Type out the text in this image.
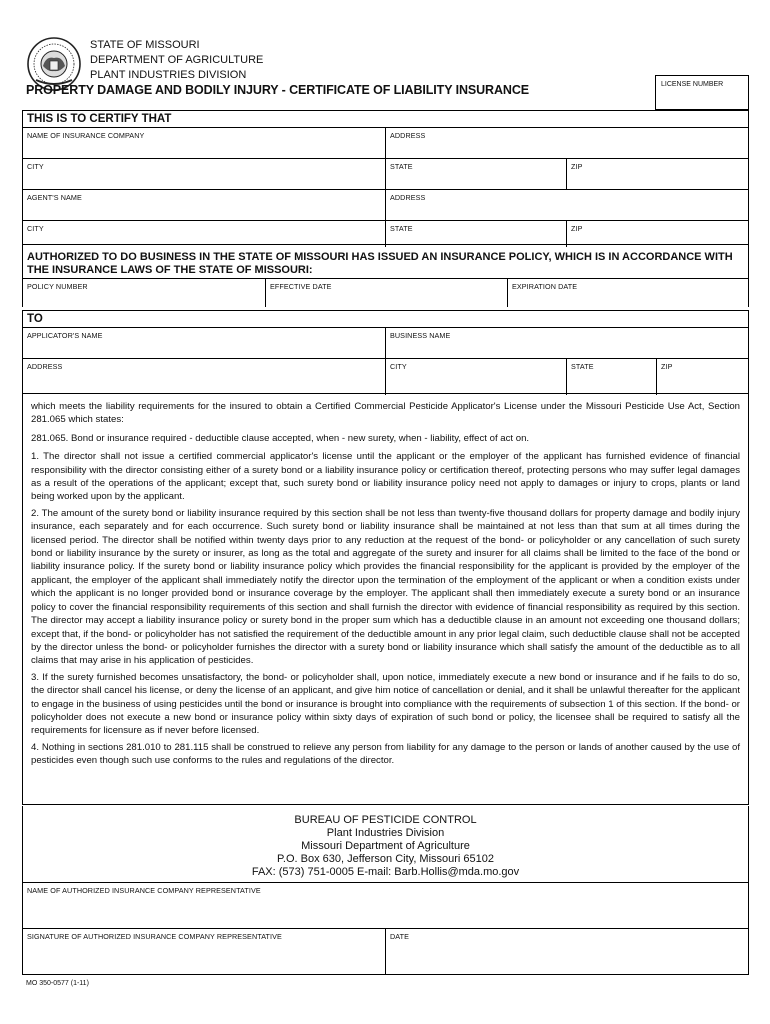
STATE OF MISSOURI
DEPARTMENT OF AGRICULTURE
PLANT INDUSTRIES DIVISION
PROPERTY DAMAGE AND BODILY INJURY - CERTIFICATE OF LIABILITY INSURANCE	LICENSE NUMBER
THIS IS TO CERTIFY THAT
NAME OF INSURANCE COMPANY	ADDRESS
CITY	STATE	ZIP
AGENT'S NAME	ADDRESS
CITY	STATE	ZIP
AUTHORIZED TO DO BUSINESS IN THE STATE OF MISSOURI HAS ISSUED AN INSURANCE POLICY, WHICH IS IN ACCORDANCE WITH THE INSURANCE LAWS OF THE STATE OF MISSOURI:
POLICY NUMBER	EFFECTIVE DATE	EXPIRATION DATE
TO
APPLICATOR'S NAME	BUSINESS NAME
ADDRESS	CITY	STATE	ZIP

which meets the liability requirements for the insured to obtain a Certified Commercial Pesticide Applicator's License under the Missouri Pesticide Use Act, Section 281.065 which states:

281.065. Bond or insurance required - deductible clause accepted, when - new surety, when - liability, effect of act on.

1. The director shall not issue a certified commercial applicator's license until the applicant or the employer of the applicant has furnished evidence of financial responsibility with the director consisting either of a surety bond or a liability insurance policy or certification thereof, protecting persons who may suffer legal damages as a result of the operations of the applicant; except that, such surety bond or liability insurance policy need not apply to damages or injury to crops, plants or land being worked upon by the applicant.

2. The amount of the surety bond or liability insurance required by this section shall be not less than twenty-five thousand dollars for property damage and bodily injury insurance, each separately and for each occurrence. Such surety bond or liability insurance shall be maintained at not less than that sum at all times during the licensed period. The director shall be notified within twenty days prior to any reduction at the request of the bond- or policyholder or any cancellation of such surety bond or liability insurance by the surety or insurer, as long as the total and aggregate of the surety and insurer for all claims shall be limited to the face of the bond or liability insurance policy. If the surety bond or liability insurance policy which provides the financial responsibility for the applicant is provided by the employer of the applicant, the employer of the applicant shall immediately notify the director upon the termination of the employment of the applicant or when a condition exists under which the applicant is no longer provided bond or insurance coverage by the employer. The applicant shall then immediately execute a surety bond or an insurance policy to cover the financial responsibility requirements of this section and shall furnish the director with evidence of financial responsibility as required by this section. The director may accept a liability insurance policy or surety bond in the proper sum which has a deductible clause in an amount not exceeding one thousand dollars; except that, if the bond- or policyholder has not satisfied the requirement of the deductible amount in any prior legal claim, such deductible clause shall not be accepted by the director unless the bond- or policyholder furnishes the director with a surety bond or liability insurance which shall satisfy the amount of the deductible as to all claims that may arise in his application of pesticides.

3. If the surety furnished becomes unsatisfactory, the bond- or policyholder shall, upon notice, immediately execute a new bond or insurance and if he fails to do so, the director shall cancel his license, or deny the license of an applicant, and give him notice of cancellation or denial, and it shall be unlawful thereafter for the applicant to engage in the business of using pesticides until the bond or insurance is brought into compliance with the requirements of subsection 1 of this section. If the bond- or policyholder does not execute a new bond or insurance policy within sixty days of expiration of such bond or policy, the licensee shall be required to satisfy all the requirements for licensure as if never before licensed.

4. Nothing in sections 281.010 to 281.115 shall be construed to relieve any person from liability for any damage to the person or lands of another caused by the use of pesticides even though such use conforms to the rules and regulations of the director.

BUREAU OF PESTICIDE CONTROL
Plant Industries Division
Missouri Department of Agriculture
P.O. Box 630, Jefferson City, Missouri 65102
FAX: (573) 751-0005 E-mail: Barb.Hollis@mda.mo.gov
NAME OF AUTHORIZED INSURANCE COMPANY REPRESENTATIVE
SIGNATURE OF AUTHORIZED INSURANCE COMPANY REPRESENTATIVE	DATE
MO 350-0577 (1-11)
